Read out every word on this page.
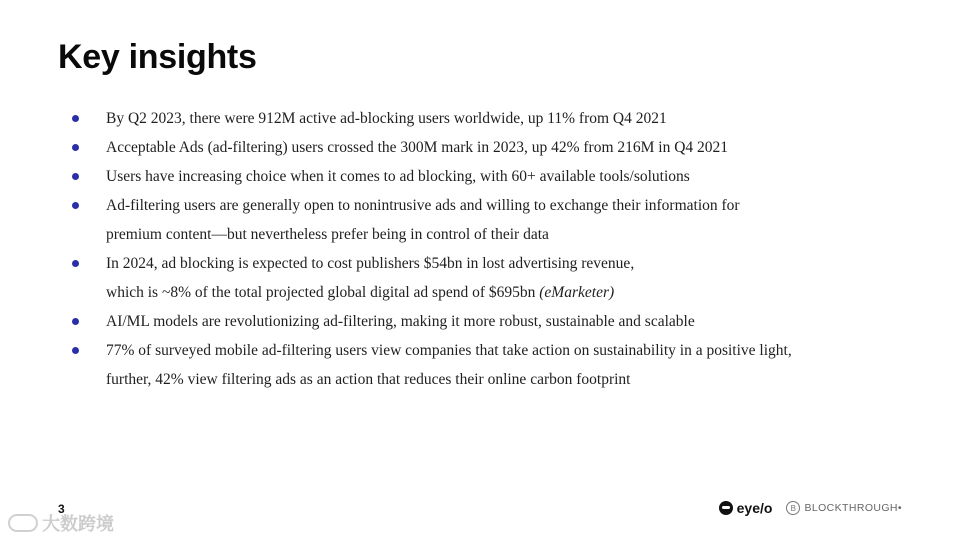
Key insights
By Q2 2023, there were 912M active ad-blocking users worldwide, up 11% from Q4 2021
Acceptable Ads (ad-filtering) users crossed the 300M mark in 2023, up 42% from 216M in Q4 2021
Users have increasing choice when it comes to ad blocking, with 60+ available tools/solutions
Ad-filtering users are generally open to nonintrusive ads and willing to exchange their information for
premium content—but nevertheless prefer being in control of their data
In 2024, ad blocking is expected to cost publishers $54bn in lost advertising revenue,
which is ~8% of the total projected global digital ad spend of $695bn (eMarketer)
AI/ML models are revolutionizing ad-filtering, making it more robust, sustainable and scalable
77% of surveyed mobile ad-filtering users view companies that take action on sustainability in a positive light,
further, 42% view filtering ads as an action that reduces their online carbon footprint
3
大数跨境
eye/o	B BLOCKTHROUGH•
